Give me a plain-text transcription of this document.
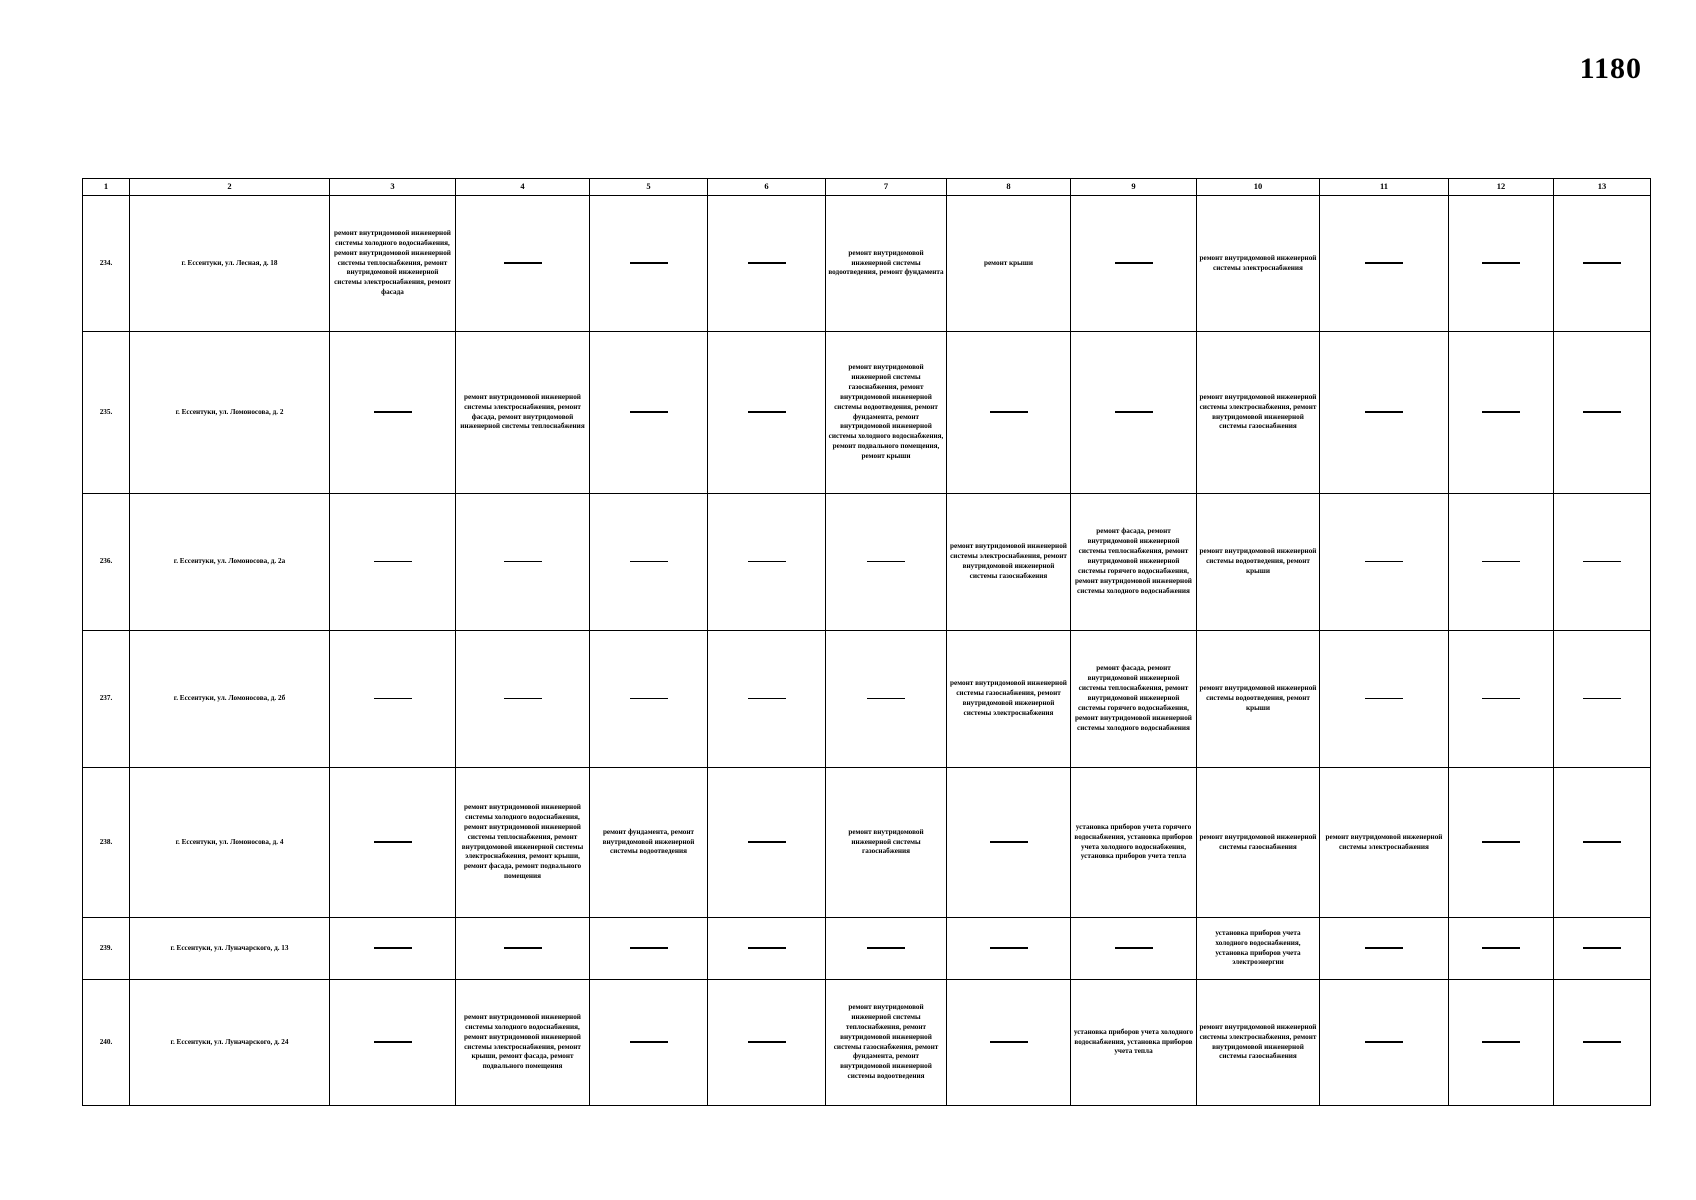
1180
1	2	3	4	5	6	7	8	9	10	11	12	13
234.	г. Ессентуки, ул. Лесная, д. 18	ремонт внутридомовой инженерной системы холодного водоснабжения, ремонт внутридомовой инженерной системы теплоснабжения, ремонт внутридомовой инженерной системы электроснабжения, ремонт фасада				ремонт внутридомовой инженерной системы водоотведения, ремонт фундамента	ремонт крыши		ремонт внутридомовой инженерной системы электроснабжения			

235.	г. Ессентуки, ул. Ломоносова, д. 2		ремонт внутридомовой инженерной системы электроснабжения, ремонт фасада, ремонт внутридомовой инженерной системы теплоснабжения			ремонт внутридомовой инженерной системы газоснабжения, ремонт внутридомовой инженерной системы водоотведения, ремонт фундамента, ремонт внутридомовой инженерной системы холодного водоснабжения, ремонт подвального помещения, ремонт крыши			ремонт внутридомовой инженерной системы электроснабжения, ремонт внутридомовой инженерной системы газоснабжения			

236.	г. Ессентуки, ул. Ломоносова, д. 2а						ремонт внутридомовой инженерной системы электроснабжения, ремонт внутридомовой инженерной системы газоснабжения	ремонт фасада, ремонт внутридомовой инженерной системы теплоснабжения, ремонт внутридомовой инженерной системы горячего водоснабжения, ремонт внутридомовой инженерной системы холодного водоснабжения	ремонт внутридомовой инженерной системы водоотведения, ремонт крыши			

237.	г. Ессентуки, ул. Ломоносова, д. 2б						ремонт внутридомовой инженерной системы газоснабжения, ремонт внутридомовой инженерной системы электроснабжения	ремонт фасада, ремонт внутридомовой инженерной системы теплоснабжения, ремонт внутридомовой инженерной системы горячего водоснабжения, ремонт внутридомовой инженерной системы холодного водоснабжения	ремонт внутридомовой инженерной системы водоотведения, ремонт крыши			

238.	г. Ессентуки, ул. Ломоносова, д. 4		ремонт внутридомовой инженерной системы холодного водоснабжения, ремонт внутридомовой инженерной системы теплоснабжения, ремонт внутридомовой инженерной системы электроснабжения, ремонт крыши, ремонт фасада, ремонт подвального помещения	ремонт фундамента, ремонт внутридомовой инженерной системы водоотведения		ремонт внутридомовой инженерной системы газоснабжения		установка приборов учета горячего водоснабжения, установка приборов учета холодного водоснабжения, установка приборов учета тепла	ремонт внутридомовой инженерной системы газоснабжения	ремонт внутридомовой инженерной системы электроснабжения		

239.	г. Ессентуки, ул. Луначарского, д. 13								установка приборов учета холодного водоснабжения, установка приборов учета электроэнергии			

240.	г. Ессентуки, ул. Луначарского, д. 24		ремонт внутридомовой инженерной системы холодного водоснабжения, ремонт внутридомовой инженерной системы электроснабжения, ремонт крыши, ремонт фасада, ремонт подвального помещения			ремонт внутридомовой инженерной системы теплоснабжения, ремонт внутридомовой инженерной системы газоснабжения, ремонт фундамента, ремонт внутридомовой инженерной системы водоотведения		установка приборов учета холодного водоснабжения, установка приборов учета тепла	ремонт внутридомовой инженерной системы электроснабжения, ремонт внутридомовой инженерной системы газоснабжения			
